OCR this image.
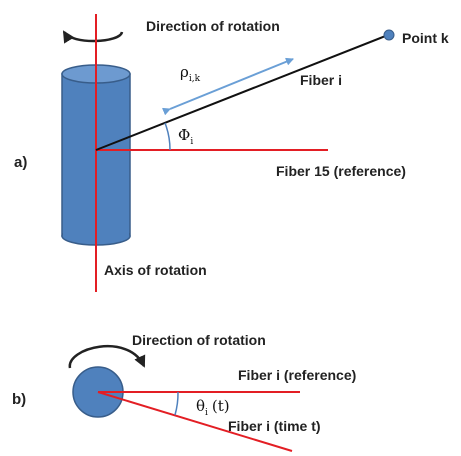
Direction of rotation
Point k
Fiber i
Fiber 15 (reference)
Axis of rotation
a)
$\rho_{i,k}$
$\Phi_i$
Direction of rotation
Fiber i (reference)
Fiber i (time t)
b)	$\theta_i$ (t)
